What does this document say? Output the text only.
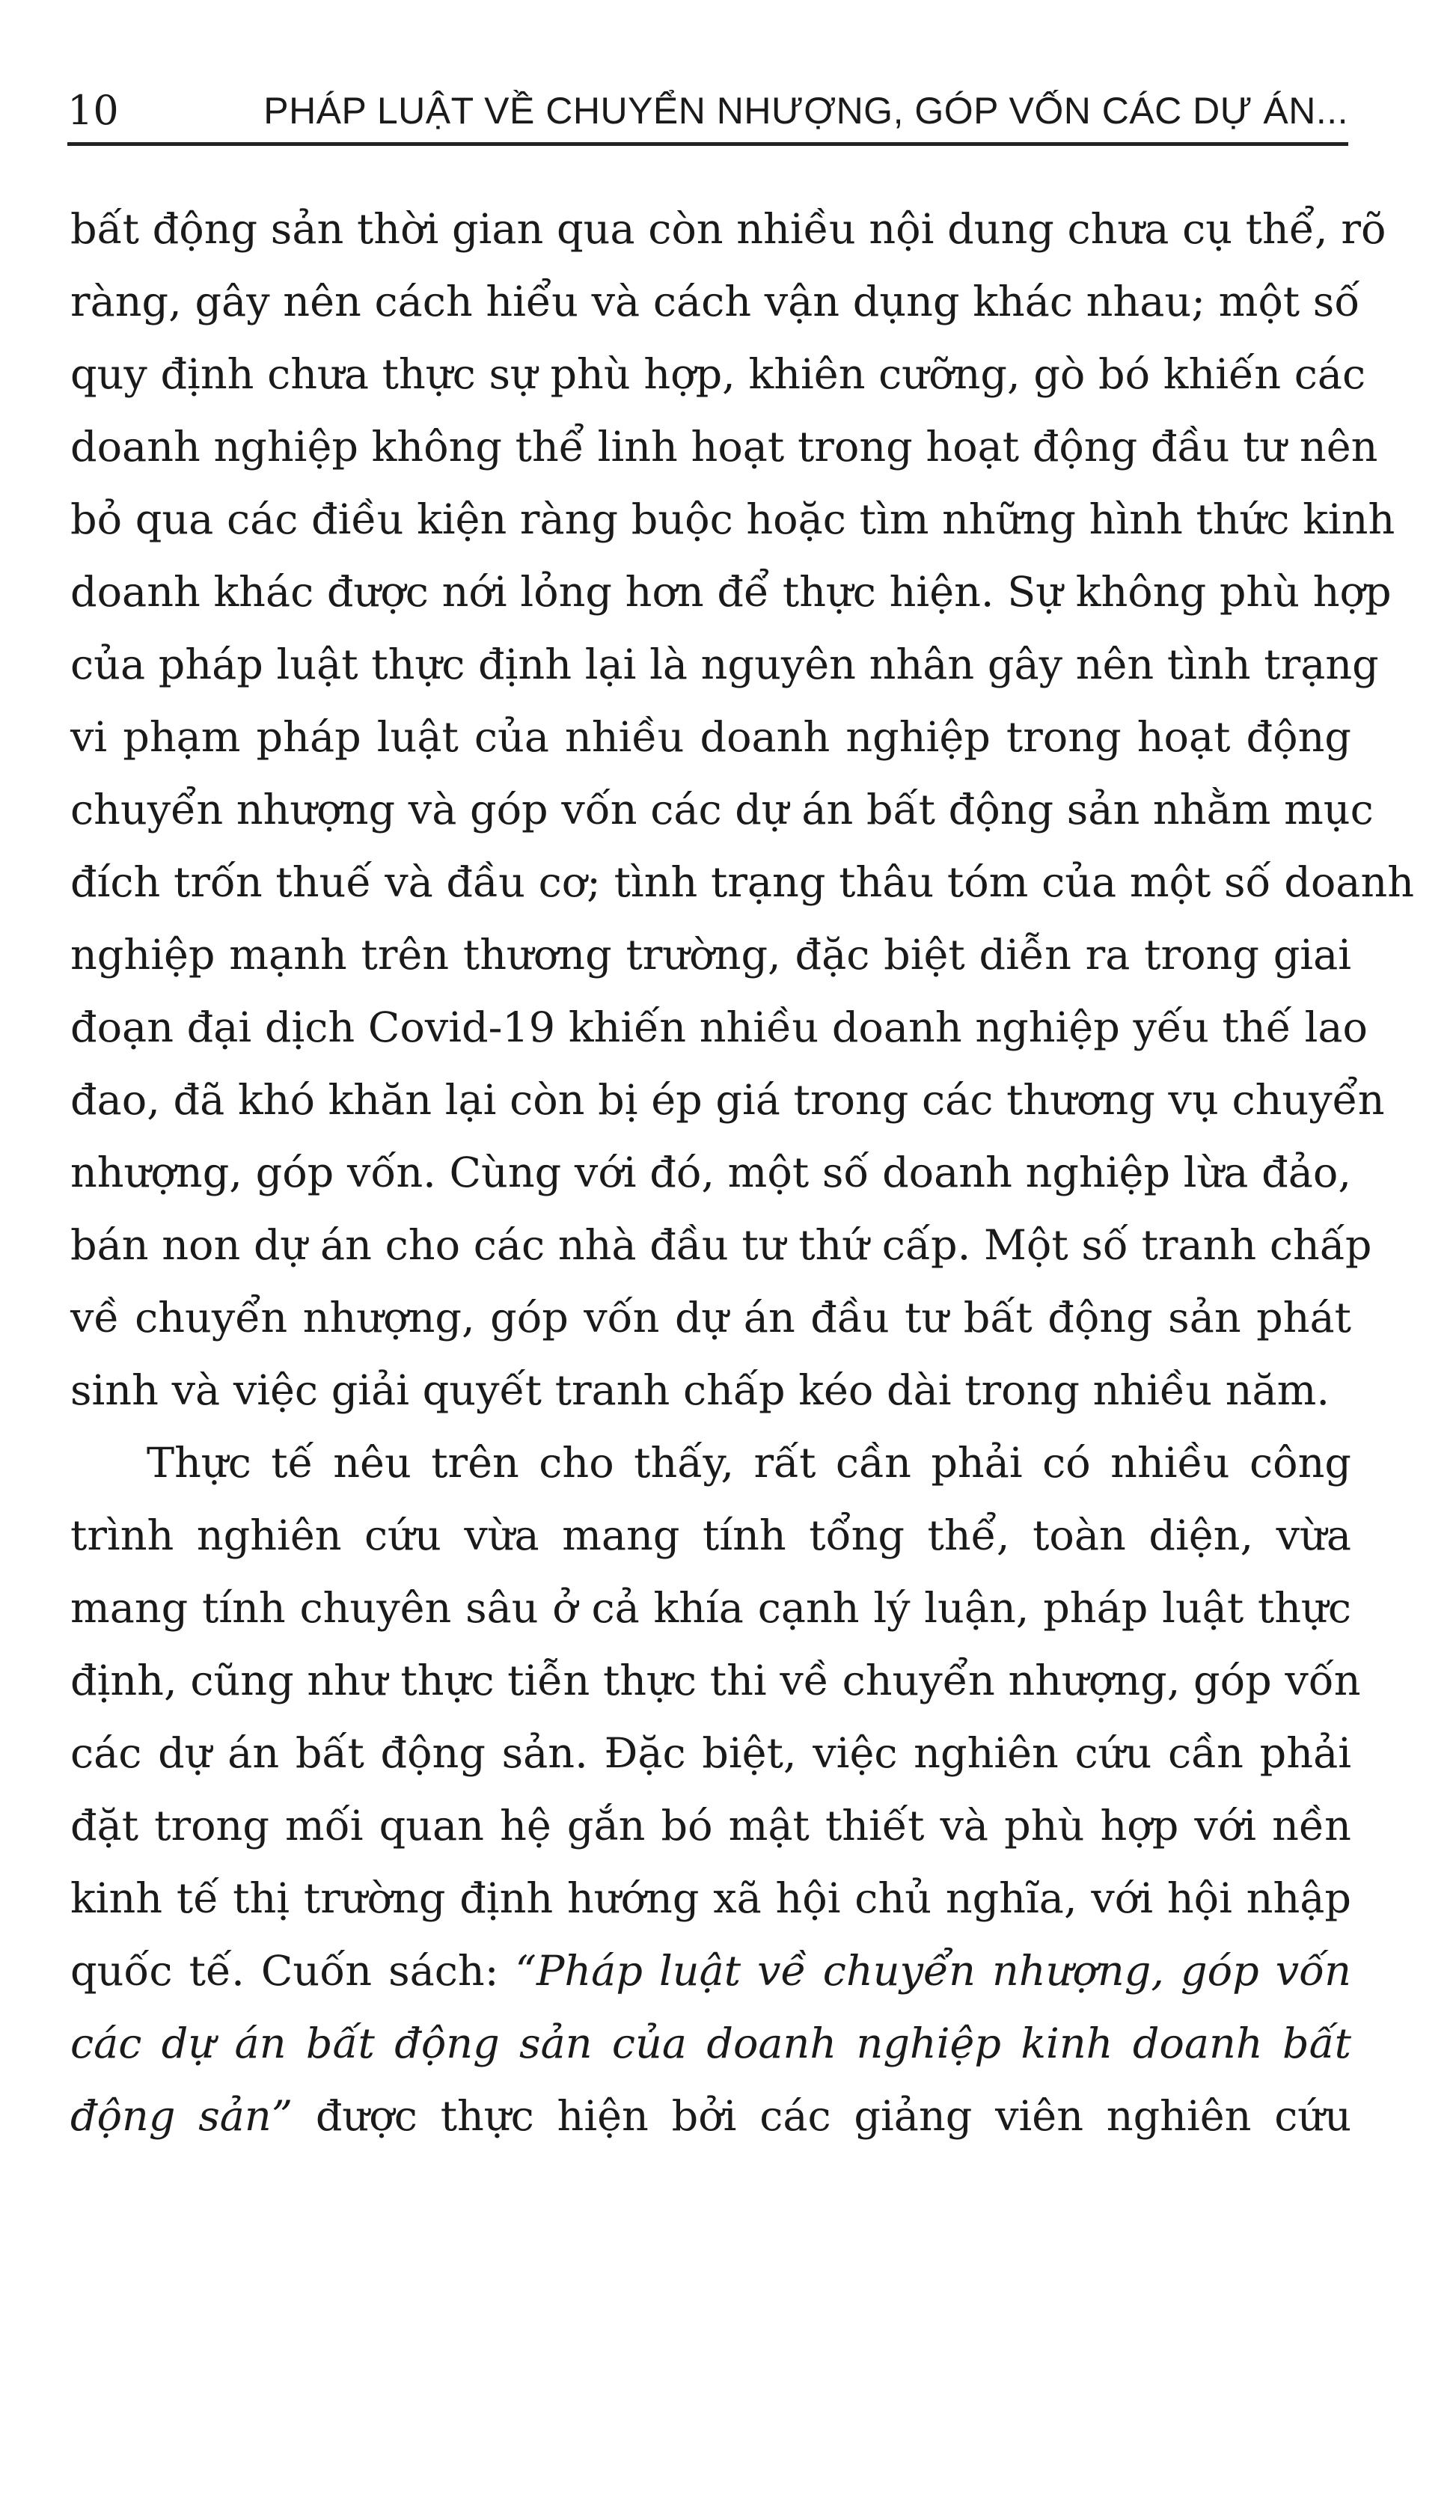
10	PHÁP LUẬT VỀ CHUYỂN NHƯỢNG, GÓP VỐN CÁC DỰ ÁN...
bất động sản thời gian qua còn nhiều nội dung chưa cụ thể, rõ
ràng, gây nên cách hiểu và cách vận dụng khác nhau; một số
quy định chưa thực sự phù hợp, khiên cưỡng, gò bó khiến các
doanh nghiệp không thể linh hoạt trong hoạt động đầu tư nên
bỏ qua các điều kiện ràng buộc hoặc tìm những hình thức kinh
doanh khác được nới lỏng hơn để thực hiện. Sự không phù hợp
của pháp luật thực định lại là nguyên nhân gây nên tình trạng
vi phạm pháp luật của nhiều doanh nghiệp trong hoạt động
chuyển nhượng và góp vốn các dự án bất động sản nhằm mục
đích trốn thuế và đầu cơ; tình trạng thâu tóm của một số doanh
nghiệp mạnh trên thương trường, đặc biệt diễn ra trong giai
đoạn đại dịch Covid-19 khiến nhiều doanh nghiệp yếu thế lao
đao, đã khó khăn lại còn bị ép giá trong các thương vụ chuyển
nhượng, góp vốn. Cùng với đó, một số doanh nghiệp lừa đảo,
bán non dự án cho các nhà đầu tư thứ cấp. Một số tranh chấp
về chuyển nhượng, góp vốn dự án đầu tư bất động sản phát
sinh và việc giải quyết tranh chấp kéo dài trong nhiều năm.
Thực tế nêu trên cho thấy, rất cần phải có nhiều công
trình nghiên cứu vừa mang tính tổng thể, toàn diện, vừa
mang tính chuyên sâu ở cả khía cạnh lý luận, pháp luật thực
định, cũng như thực tiễn thực thi về chuyển nhượng, góp vốn
các dự án bất động sản. Đặc biệt, việc nghiên cứu cần phải
đặt trong mối quan hệ gắn bó mật thiết và phù hợp với nền
kinh tế thị trường định hướng xã hội chủ nghĩa, với hội nhập
quốc tế. Cuốn sách: “Pháp luật về chuyển nhượng, góp vốn
các dự án bất động sản của doanh nghiệp kinh doanh bất
động sản” được thực hiện bởi các giảng viên nghiên cứu
